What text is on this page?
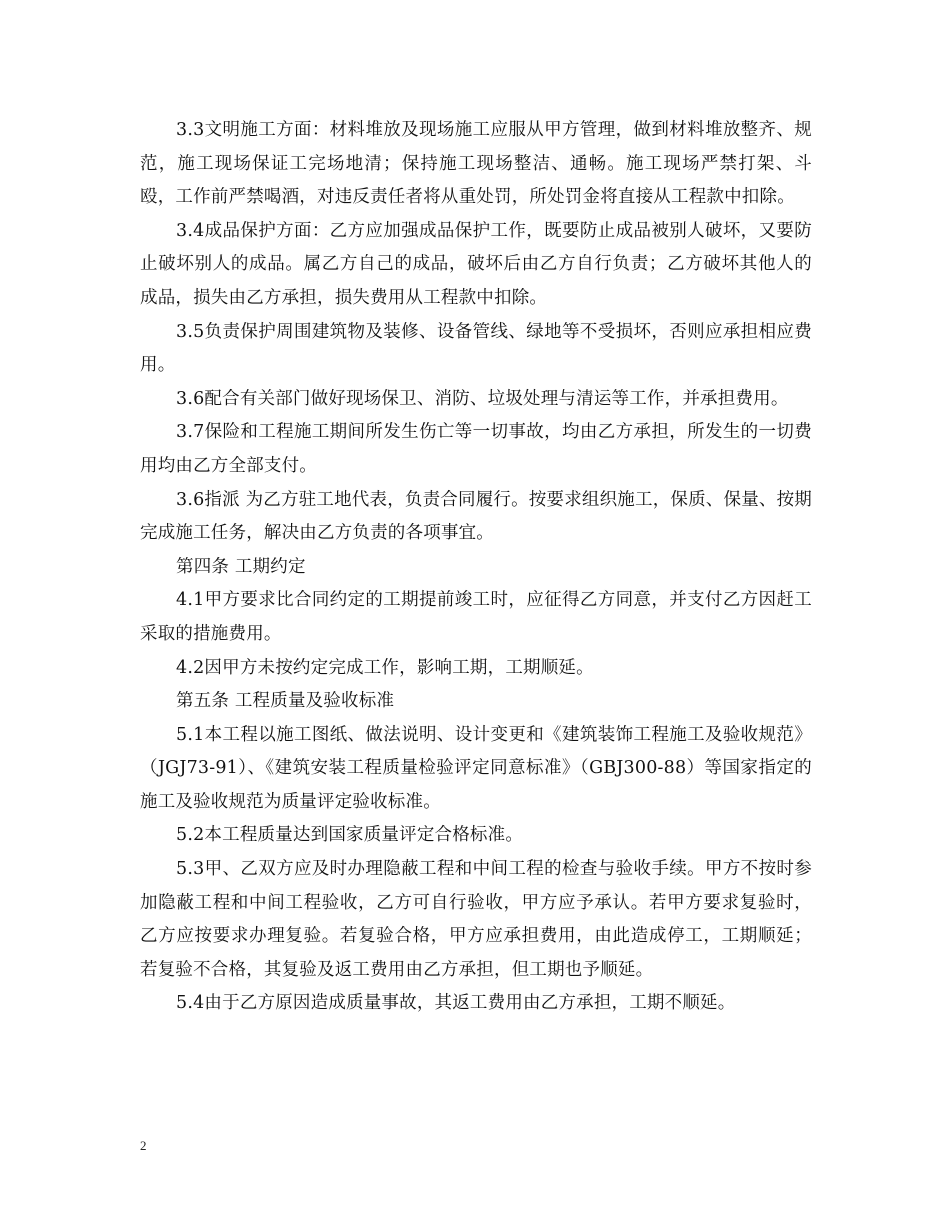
3.3文明施工方面：材料堆放及现场施工应服从甲方管理，做到材料堆放整齐、规范，施工现场保证工完场地清；保持施工现场整洁、通畅。施工现场严禁打架、斗殴，工作前严禁喝酒，对违反责任者将从重处罚，所处罚金将直接从工程款中扣除。

3.4成品保护方面：乙方应加强成品保护工作，既要防止成品被别人破坏，又要防止破坏别人的成品。属乙方自己的成品，破坏后由乙方自行负责；乙方破坏其他人的成品，损失由乙方承担，损失费用从工程款中扣除。

3.5负责保护周围建筑物及装修、设备管线、绿地等不受损坏，否则应承担相应费用。

3.6配合有关部门做好现场保卫、消防、垃圾处理与清运等工作，并承担费用。

3.7保险和工程施工期间所发生伤亡等一切事故，均由乙方承担，所发生的一切费用均由乙方全部支付。

3.6指派 为乙方驻工地代表，负责合同履行。按要求组织施工，保质、保量、按期完成施工任务，解决由乙方负责的各项事宜。

第四条 工期约定

4.1甲方要求比合同约定的工期提前竣工时，应征得乙方同意，并支付乙方因赶工采取的措施费用。

4.2因甲方未按约定完成工作，影响工期，工期顺延。

第五条 工程质量及验收标准

5.1本工程以施工图纸、做法说明、设计变更和《建筑装饰工程施工及验收规范》（JGJ73-91）、《建筑安装工程质量检验评定同意标准》（GBJ300-88）等国家指定的施工及验收规范为质量评定验收标准。

5.2本工程质量达到国家质量评定合格标准。

5.3甲、乙双方应及时办理隐蔽工程和中间工程的检查与验收手续。甲方不按时参加隐蔽工程和中间工程验收，乙方可自行验收，甲方应予承认。若甲方要求复验时，乙方应按要求办理复验。若复验合格，甲方应承担费用，由此造成停工，工期顺延；若复验不合格，其复验及返工费用由乙方承担，但工期也予顺延。

5.4由于乙方原因造成质量事故，其返工费用由乙方承担，工期不顺延。

2
